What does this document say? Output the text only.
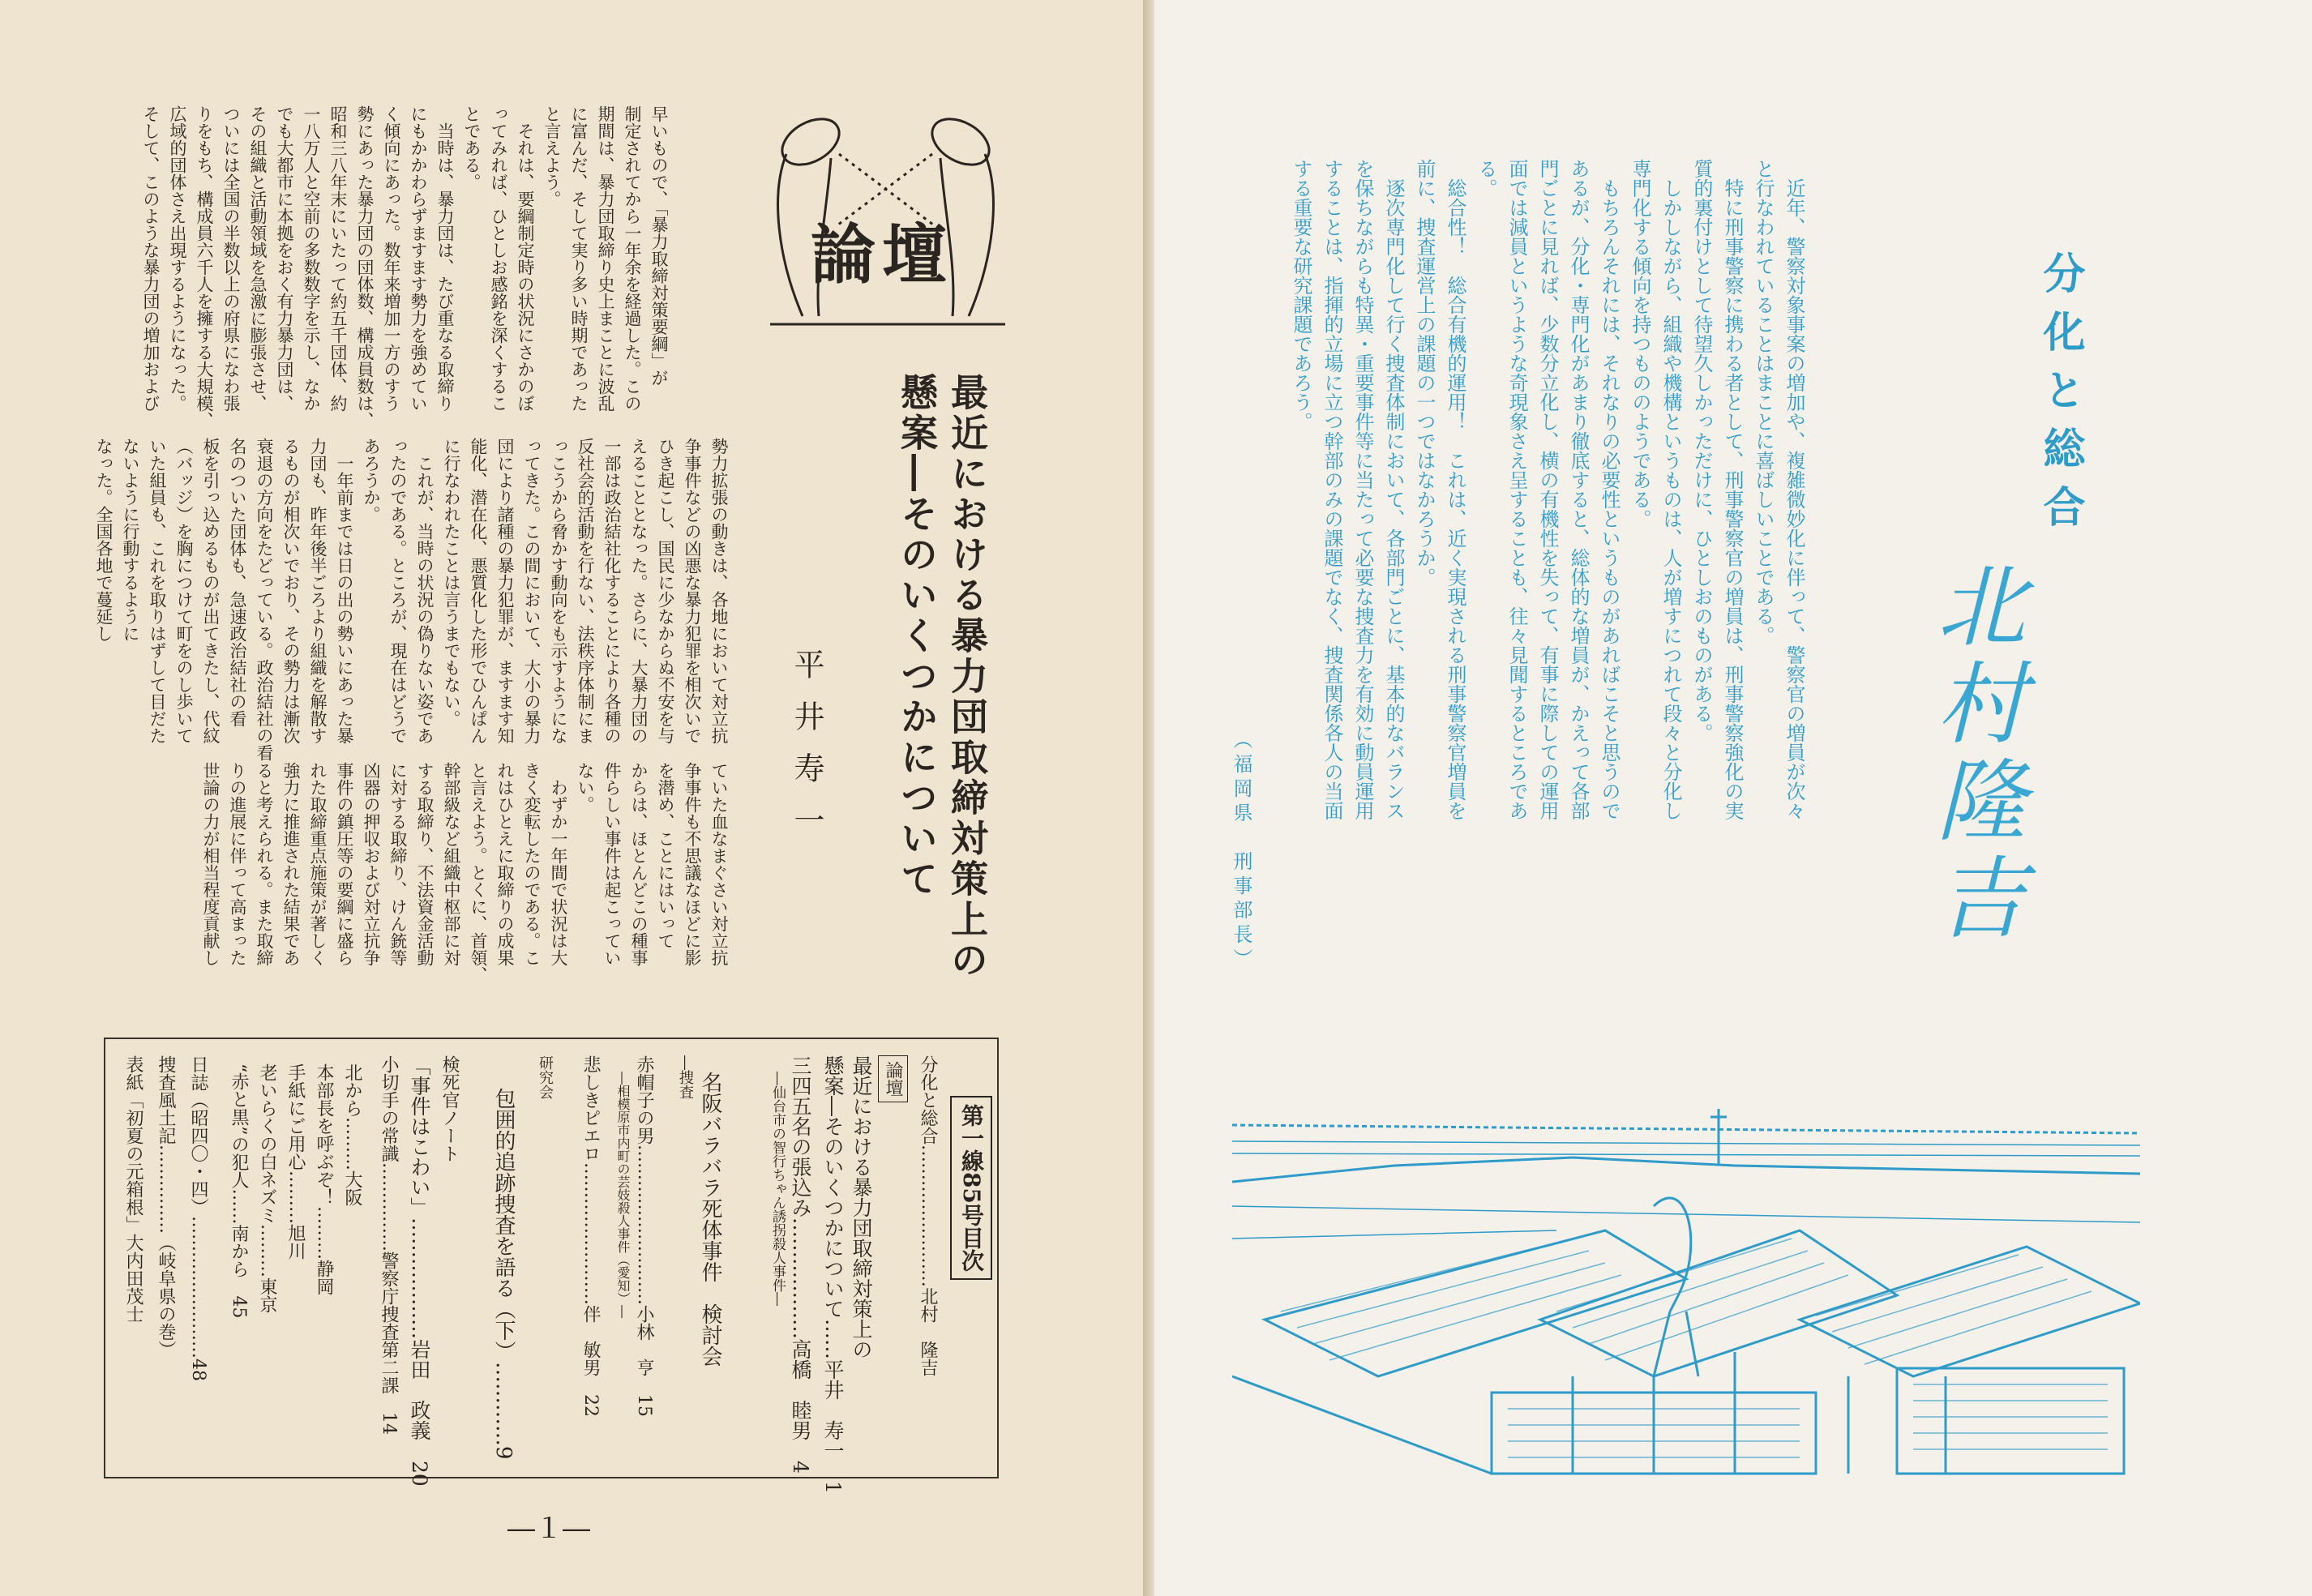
論壇
最近における暴力団取締対策上の
懸案―そのいくつかについて
平井寿一
早いもので、「暴力取締対策要綱」が
制定されてから一年余を経過した。この
期間は、暴力団取締り史上まことに波乱
に富んだ、そして実り多い時期であった
と言えよう。
それは、要綱制定時の状況にさかのぼ
ってみれば、ひとしお感銘を深くするこ
とである。
当時は、暴力団は、たび重なる取締り
にもかかわらずますます勢力を強めてい
く傾向にあった。数年来増加一方のすう
勢にあった暴力団の団体数、構成員数は、
昭和三八年末にいたって約五千団体、約
一八万人と空前の多数数字を示し、なか
でも大都市に本拠をおく有力暴力団は、
その組織と活動領域を急激に膨張させ、
ついには全国の半数以上の府県になわ張
りをもち、構成員六千人を擁する大規模、
広域的団体さえ出現するようになった。
そして、このような暴力団の増加および
勢力拡張の動きは、各地において対立抗
争事件などの凶悪な暴力犯罪を相次いで
ひき起こし、国民に少なからぬ不安を与
えることとなった。さらに、大暴力団の
一部は政治結社化することにより各種の
反社会的活動を行ない、法秩序体制にま
っこうから脅かす動向をも示すようにな
ってきた。この間において、大小の暴力
団により諸種の暴力犯罪が、ますます知
能化、潜在化、悪質化した形でひんぱん
に行なわれたことは言うまでもない。
これが、当時の状況の偽りない姿であ
ったのである。ところが、現在はどうで
あろうか。
一年前までは日の出の勢いにあった暴
力団も、昨年後半ごろより組織を解散す
るものが相次いでおり、その勢力は漸次
衰退の方向をたどっている。政治結社の看
名のついた団体も、急速政治結社の看
板を引っ込めるものが出てきたし、代紋
（バッジ）を胸につけて町をのし歩いて
いた組員も、これを取りはずして目だた
ないように行動するように
なった。全国各地で蔓延し
ていた血なまぐさい対立抗
争事件も不思議なほどに影
を潜め、ことにはいって
からは、ほとんどこの種事
件らしい事件は起こってい
ない。
わずか一年間で状況は大
きく変転したのである。こ
れはひとえに取締りの成果
と言えよう。とくに、首領、
幹部級など組織中枢部に対
する取締り、不法資金活動
に対する取締り、けん銃等
凶器の押収および対立抗争
事件の鎮圧等の要綱に盛ら
れた取締重点施策が著しく
強力に推進された結果であ
ると考えられる。また取締
りの進展に伴って高まった
世論の力が相当程度貢献し
第一線85号目次
分化と総合……………………北村　隆吉
論壇
最近における暴力団取締対策上の
懸案―そのいくつかについて……平井　寿一　1
三四五名の張込み………………高橋　睦男　4
―仙台市の智行ちゃん誘拐殺人事件―
名阪バラバラ死体事件　検討会
―捜査
赤帽子の男………………………小林　亨　15
―相模原市内町の芸妓殺人事件（愛知）―
悲しきピエロ……………………伴　敏男　22
研究会
包囲的追跡捜査を語る（下）…………9
検死官ノート
「事件はこわい」………………岩田　政義　20
小切手の常識……………警察庁捜査第二課　14
北から………大阪
本部長を呼ぶぞ！………静岡
手紙にご用心………旭川
老いらくの白ネズミ………東京
“赤と黒”の犯人……南から　45
日誌（昭四〇・四）……………………48
捜査風土記……………（岐阜県の巻）
表紙「初夏の元箱根」大内田茂士
―１―
分化と総合
北村隆吉
近年、警察対象事案の増加や、複雑微妙化に伴って、警察官の増員が次々
と行なわれていることはまことに喜ばしいことである。
特に刑事警察に携わる者として、刑事警察官の増員は、刑事警察強化の実
質的裏付けとして待望久しかっただけに、ひとしおのものがある。
しかしながら、組織や機構というものは、人が増すにつれて段々と分化し
専門化する傾向を持つもののようである。
もちろんそれには、それなりの必要性というものがあればこそと思うので
あるが、分化・専門化があまり徹底すると、総体的な増員が、かえって各部
門ごとに見れば、少数分立化し、横の有機性を失って、有事に際しての運用
面では減員というような奇現象さえ呈することも、往々見聞するところであ
る。
総合性！　総合有機的運用！　これは、近く実現される刑事警察官増員を
前に、捜査運営上の課題の一つではなかろうか。
逐次専門化して行く捜査体制において、各部門ごとに、基本的なバランス
を保ちながらも特異・重要事件等に当たって必要な捜査力を有効に動員運用
することは、指揮的立場に立つ幹部のみの課題でなく、捜査関係各人の当面
する重要な研究課題であろう。
（福岡県　刑事部長）
